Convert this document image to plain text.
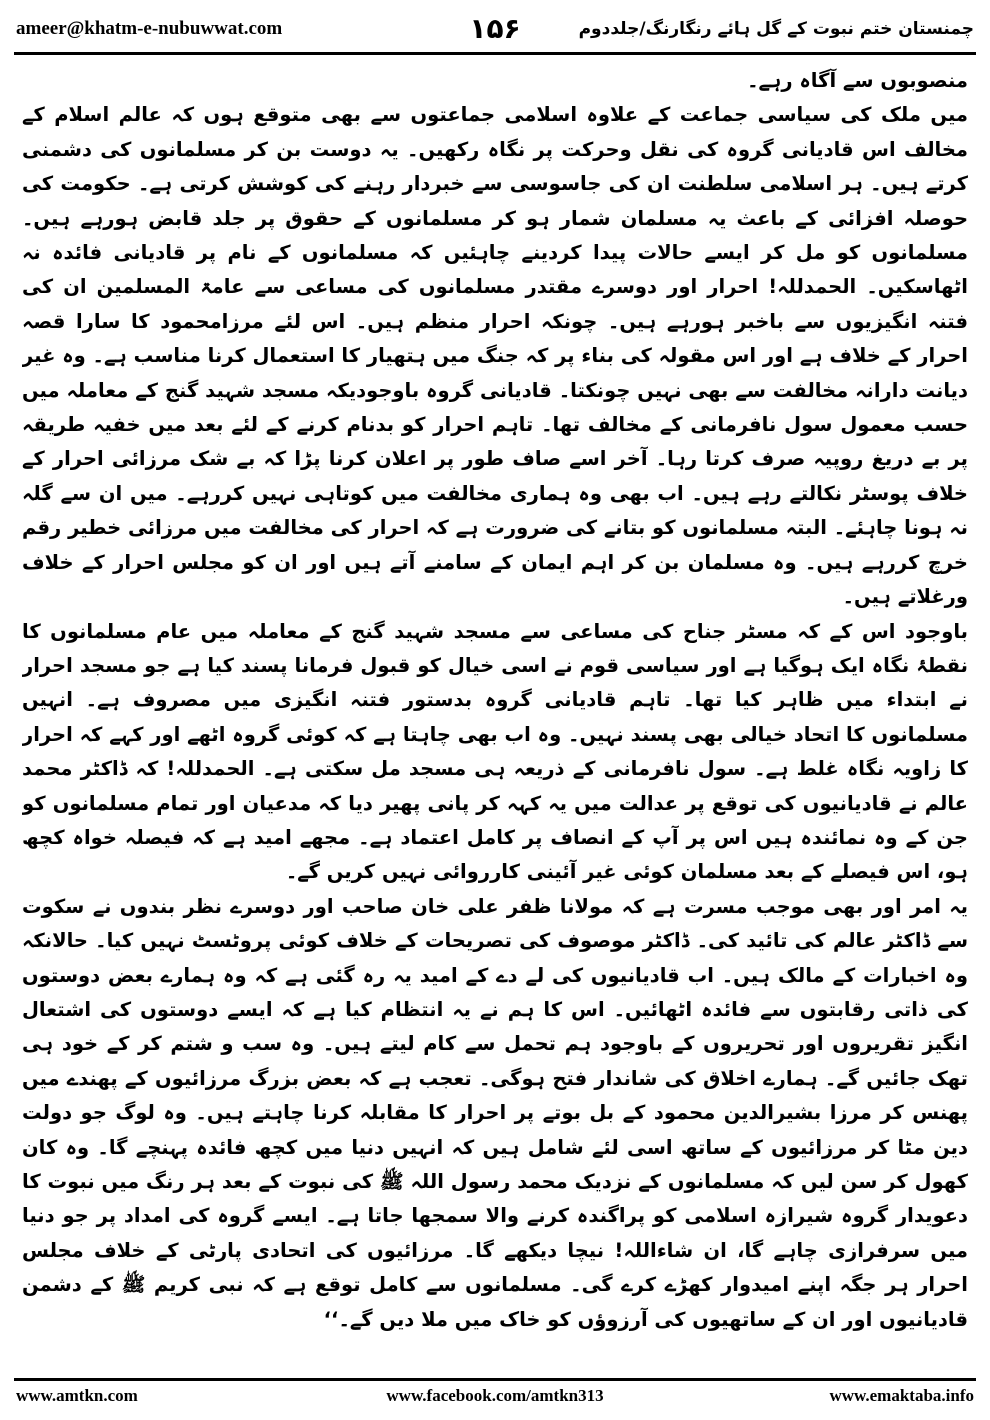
ameer@khatm-e-nubuwwat.com	۱۵۶	چمنستان ختم نبوت کے گل ہائے رنگارنگ/جلددوم

منصوبوں سے آگاہ رہے۔

میں ملک کی سیاسی جماعت کے علاوہ اسلامی جماعتوں سے بھی متوقع ہوں کہ عالم اسلام کے مخالف اس قادیانی گروہ کی نقل وحرکت پر نگاہ رکھیں۔ یہ دوست بن کر مسلمانوں کی دشمنی کرتے ہیں۔ ہر اسلامی سلطنت ان کی جاسوسی سے خبردار رہنے کی کوشش کرتی ہے۔ حکومت کی حوصلہ افزائی کے باعث یہ مسلمان شمار ہو کر مسلمانوں کے حقوق پر جلد قابض ہورہے ہیں۔ مسلمانوں کو مل کر ایسے حالات پیدا کردینے چاہئیں کہ مسلمانوں کے نام پر قادیانی فائدہ نہ اٹھاسکیں۔ الحمدللہ! احرار اور دوسرے مقتدر مسلمانوں کی مساعی سے عامۃ المسلمین ان کی فتنہ انگیزیوں سے باخبر ہورہے ہیں۔ چونکہ احرار منظم ہیں۔ اس لئے مرزامحمود کا سارا قصہ احرار کے خلاف ہے اور اس مقولہ کی بناء پر کہ جنگ میں ہتھیار کا استعمال کرنا مناسب ہے۔ وہ غیر دیانت دارانہ مخالفت سے بھی نہیں چونکتا۔ قادیانی گروہ باوجودیکہ مسجد شہید گنج کے معاملہ میں حسب معمول سول نافرمانی کے مخالف تھا۔ تاہم احرار کو بدنام کرنے کے لئے بعد میں خفیہ طریقہ پر بے دریغ روپیہ صرف کرتا رہا۔ آخر اسے صاف طور پر اعلان کرنا پڑا کہ بے شک مرزائی احرار کے خلاف پوسٹر نکالتے رہے ہیں۔ اب بھی وہ ہماری مخالفت میں کوتاہی نہیں کررہے۔ میں ان سے گلہ نہ ہونا چاہئے۔ البتہ مسلمانوں کو بتانے کی ضرورت ہے کہ احرار کی مخالفت میں مرزائی خطیر رقم خرچ کررہے ہیں۔ وہ مسلمان بن کر اہم ایمان کے سامنے آتے ہیں اور ان کو مجلس احرار کے خلاف ورغلاتے ہیں۔

باوجود اس کے کہ مسٹر جناح کی مساعی سے مسجد شہید گنج کے معاملہ میں عام مسلمانوں کا نقطۂ نگاہ ایک ہوگیا ہے اور سیاسی قوم نے اسی خیال کو قبول فرمانا پسند کیا ہے جو مسجد احرار نے ابتداء میں ظاہر کیا تھا۔ تاہم قادیانی گروہ بدستور فتنہ انگیزی میں مصروف ہے۔ انہیں مسلمانوں کا اتحاد خیالی بھی پسند نہیں۔ وہ اب بھی چاہتا ہے کہ کوئی گروہ اٹھے اور کہے کہ احرار کا زاویہ نگاہ غلط ہے۔ سول نافرمانی کے ذریعہ ہی مسجد مل سکتی ہے۔ الحمدللہ! کہ ڈاکٹر محمد عالم نے قادیانیوں کی توقع پر عدالت میں یہ کہہ کر پانی پھیر دیا کہ مدعیان اور تمام مسلمانوں کو جن کے وہ نمائندہ ہیں اس پر آپ کے انصاف پر کامل اعتماد ہے۔ مجھے امید ہے کہ فیصلہ خواہ کچھ ہو، اس فیصلے کے بعد مسلمان کوئی غیر آئینی کارروائی نہیں کریں گے۔

یہ امر اور بھی موجب مسرت ہے کہ مولانا ظفر علی خان صاحب اور دوسرے نظر بندوں نے سکوت سے ڈاکٹر عالم کی تائید کی۔ ڈاکٹر موصوف کی تصریحات کے خلاف کوئی پروٹسٹ نہیں کیا۔ حالانکہ وہ اخبارات کے مالک ہیں۔ اب قادیانیوں کی لے دے کے امید یہ رہ گئی ہے کہ وہ ہمارے بعض دوستوں کی ذاتی رقابتوں سے فائدہ اٹھائیں۔ اس کا ہم نے یہ انتظام کیا ہے کہ ایسے دوستوں کی اشتعال انگیز تقریروں اور تحریروں کے باوجود ہم تحمل سے کام لیتے ہیں۔ وہ سب و شتم کر کے خود ہی تھک جائیں گے۔ ہمارے اخلاق کی شاندار فتح ہوگی۔ تعجب ہے کہ بعض بزرگ مرزائیوں کے پھندے میں پھنس کر مرزا بشیرالدین محمود کے بل بوتے پر احرار کا مقابلہ کرنا چاہتے ہیں۔ وہ لوگ جو دولت دین مٹا کر مرزائیوں کے ساتھ اسی لئے شامل ہیں کہ انہیں دنیا میں کچھ فائدہ پہنچے گا۔ وہ کان کھول کر سن لیں کہ مسلمانوں کے نزدیک محمد رسول اللہ ﷺ کی نبوت کے بعد ہر رنگ میں نبوت کا دعویدار گروہ شیرازہ اسلامی کو پراگندہ کرنے والا سمجھا جاتا ہے۔ ایسے گروہ کی امداد پر جو دنیا میں سرفرازی چاہے گا، ان شاءاللہ! نیچا دیکھے گا۔ مرزائیوں کی اتحادی پارٹی کے خلاف مجلس احرار ہر جگہ اپنے امیدوار کھڑے کرے گی۔ مسلمانوں سے کامل توقع ہے کہ نبی کریم ﷺ کے دشمن قادیانیوں اور ان کے ساتھیوں کی آرزوؤں کو خاک میں ملا دیں گے۔‘‘

www.amtkn.com	www.facebook.com/amtkn313	www.emaktaba.info
